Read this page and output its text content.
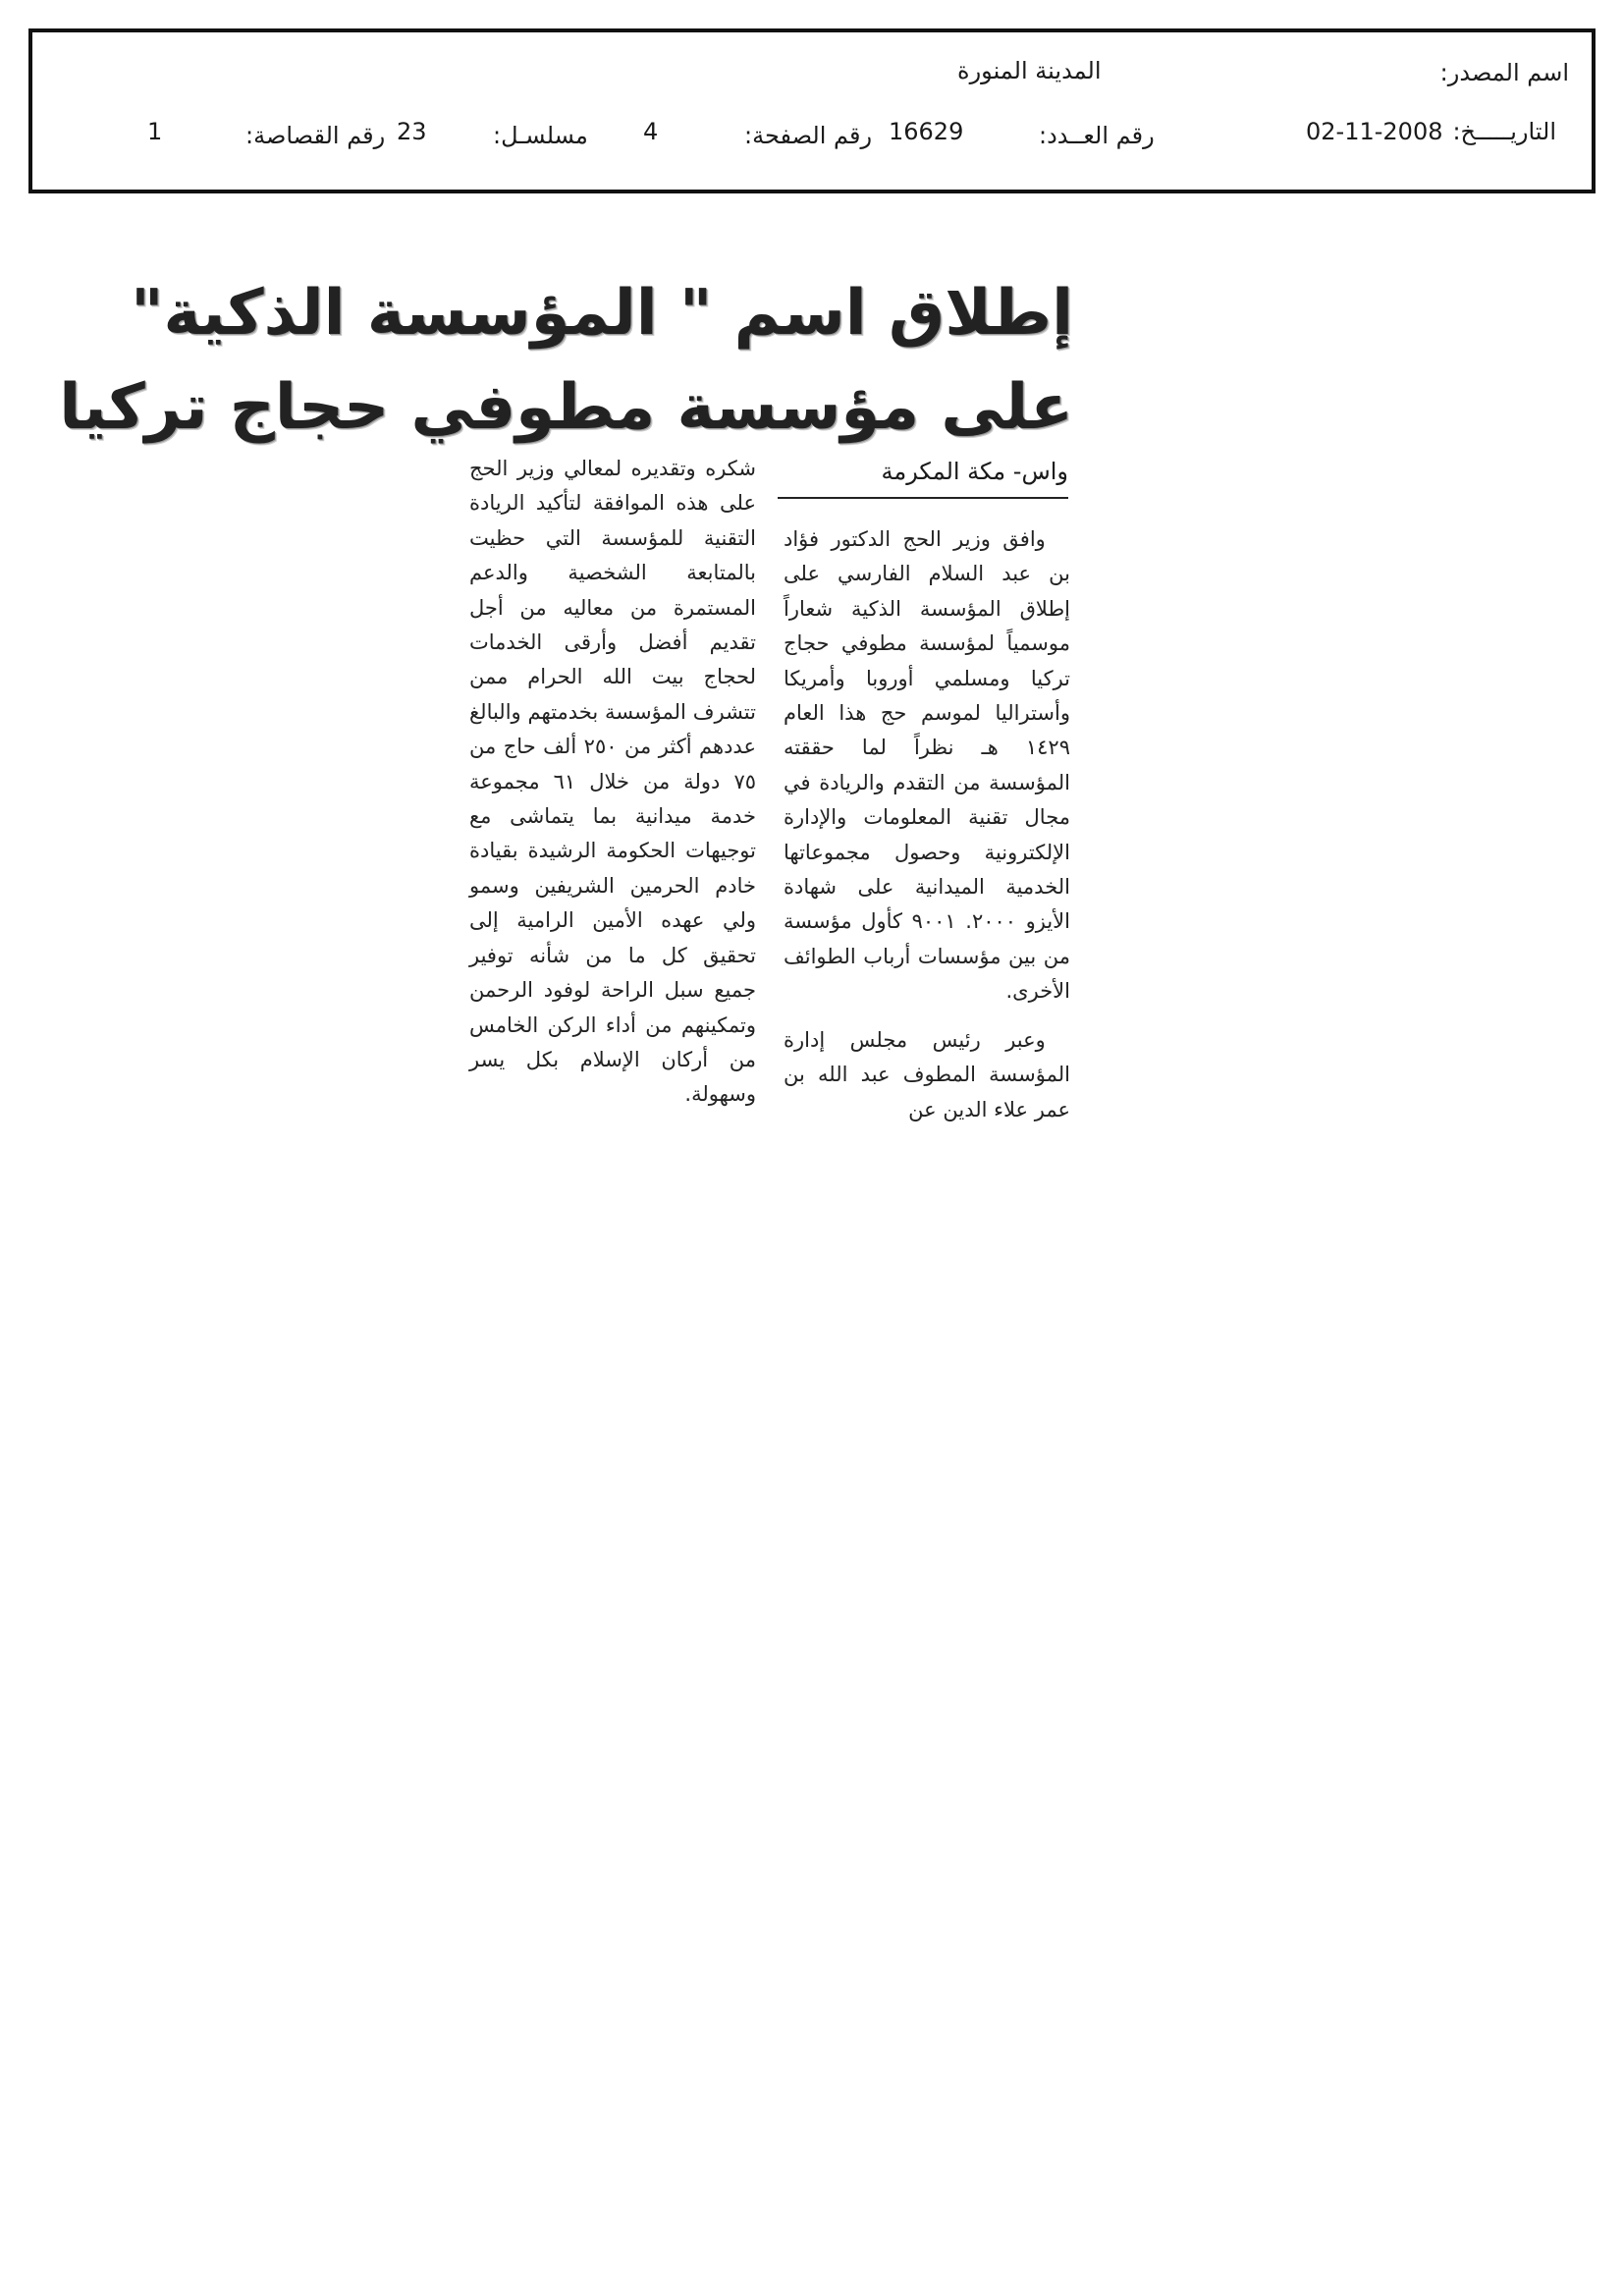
اسم المصدر:
المدينة المنورة
التاريـــــخ:
02-11-2008
رقم العــدد:
16629
رقم الصفحة:
4
مسلسـل:
23
رقم القصاصة:
1
إطلاق اسم " المؤسسة الذكية"
على مؤسسة مطوفي حجاج تركيا
واس- مكة المكرمة

وافق وزير الحج الدكتور فؤاد بن عبد السلام الفارسي على إطلاق المؤسسة الذكية شعاراً موسمياً لمؤسسة مطوفي حجاج تركيا ومسلمي أوروبا وأمريكا وأستراليا لموسم حج هذا العام ١٤٢٩ هـ نظراً لما حققته المؤسسة من التقدم والريادة في مجال تقنية المعلومات والإدارة الإلكترونية وحصول مجموعاتها الخدمية الميدانية على شهادة الأيزو ٢٠٠٠. ٩٠٠١ كأول مؤسسة من بين مؤسسات أرباب الطوائف الأخرى.

وعبر رئيس مجلس إدارة المؤسسة المطوف عبد الله بن عمر علاء الدين عن

شكره وتقديره لمعالي وزير الحج على هذه الموافقة لتأكيد الريادة التقنية للمؤسسة التي حظيت بالمتابعة الشخصية والدعم المستمرة من معاليه من أجل تقديم أفضل وأرقى الخدمات لحجاج بيت الله الحرام ممن تتشرف المؤسسة بخدمتهم والبالغ عددهم أكثر من ٢٥٠ ألف حاج من ٧٥ دولة من خلال ٦١ مجموعة خدمة ميدانية بما يتماشى مع توجيهات الحكومة الرشيدة بقيادة خادم الحرمين الشريفين وسمو ولي عهده الأمين الرامية إلى تحقيق كل ما من شأنه توفير جميع سبل الراحة لوفود الرحمن وتمكينهم من أداء الركن الخامس من أركان الإسلام بكل يسر وسهولة.
